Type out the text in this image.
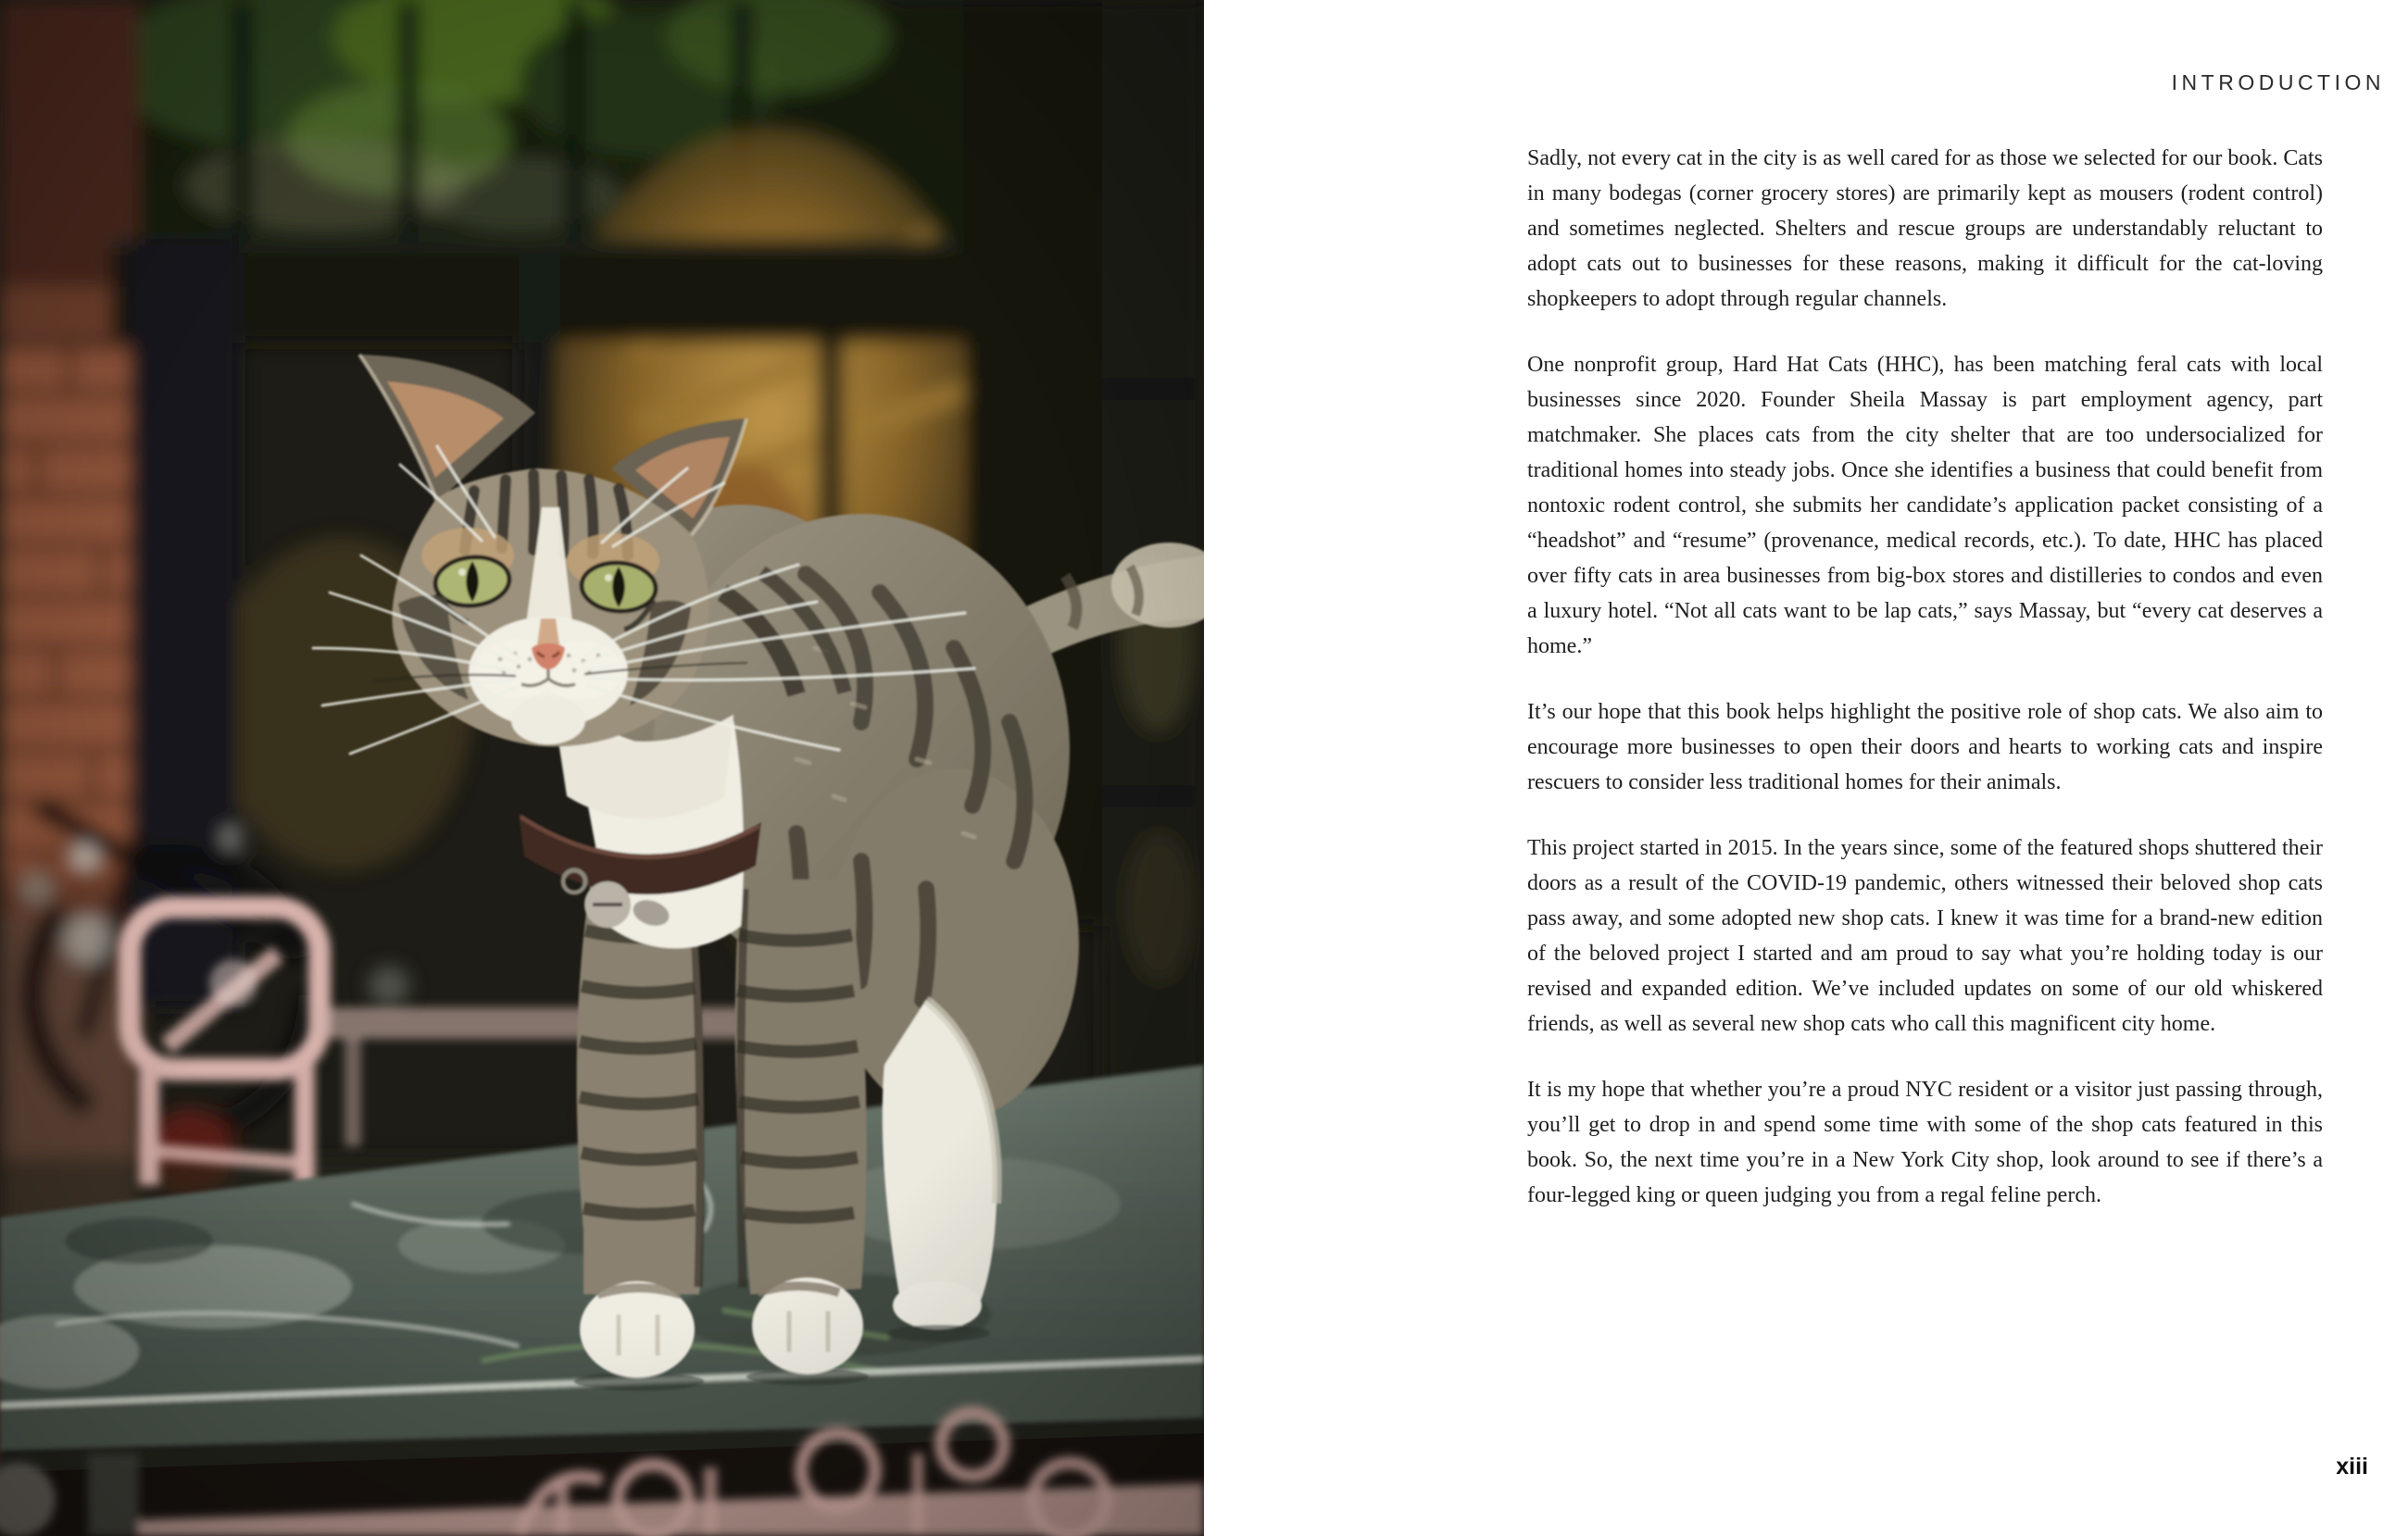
INTRODUCTION

Sadly, not every cat in the city is as well cared for as those we selected for our book. Cats in many bodegas (corner grocery stores) are primarily kept as mousers (rodent control) and sometimes neglected. Shelters and rescue groups are understandably reluctant to adopt cats out to businesses for these reasons, making it difficult for the cat-loving shopkeepers to adopt through regular channels.

One nonprofit group, Hard Hat Cats (HHC), has been matching feral cats with local businesses since 2020. Founder Sheila Massay is part employment agency, part matchmaker. She places cats from the city shelter that are too undersocialized for traditional homes into steady jobs. Once she identifies a business that could benefit from nontoxic rodent control, she submits her candidate’s application packet consisting of a “headshot” and “resume” (provenance, medical records, etc.). To date, HHC has placed over fifty cats in area businesses from big-box stores and distilleries to condos and even a luxury hotel. “Not all cats want to be lap cats,” says Massay, but “every cat deserves a home.”

It’s our hope that this book helps highlight the positive role of shop cats. We also aim to encourage more businesses to open their doors and hearts to working cats and inspire rescuers to consider less traditional homes for their animals.

This project started in 2015. In the years since, some of the featured shops shuttered their doors as a result of the COVID-19 pandemic, others witnessed their beloved shop cats pass away, and some adopted new shop cats. I knew it was time for a brand-new edition of the beloved project I started and am proud to say what you’re holding today is our revised and expanded edition. We’ve included updates on some of our old whiskered friends, as well as several new shop cats who call this magnificent city home.

It is my hope that whether you’re a proud NYC resident or a visitor just passing through, you’ll get to drop in and spend some time with some of the shop cats featured in this book. So, the next time you’re in a New York City shop, look around to see if there’s a four-legged king or queen judging you from a regal feline perch.

xiii
